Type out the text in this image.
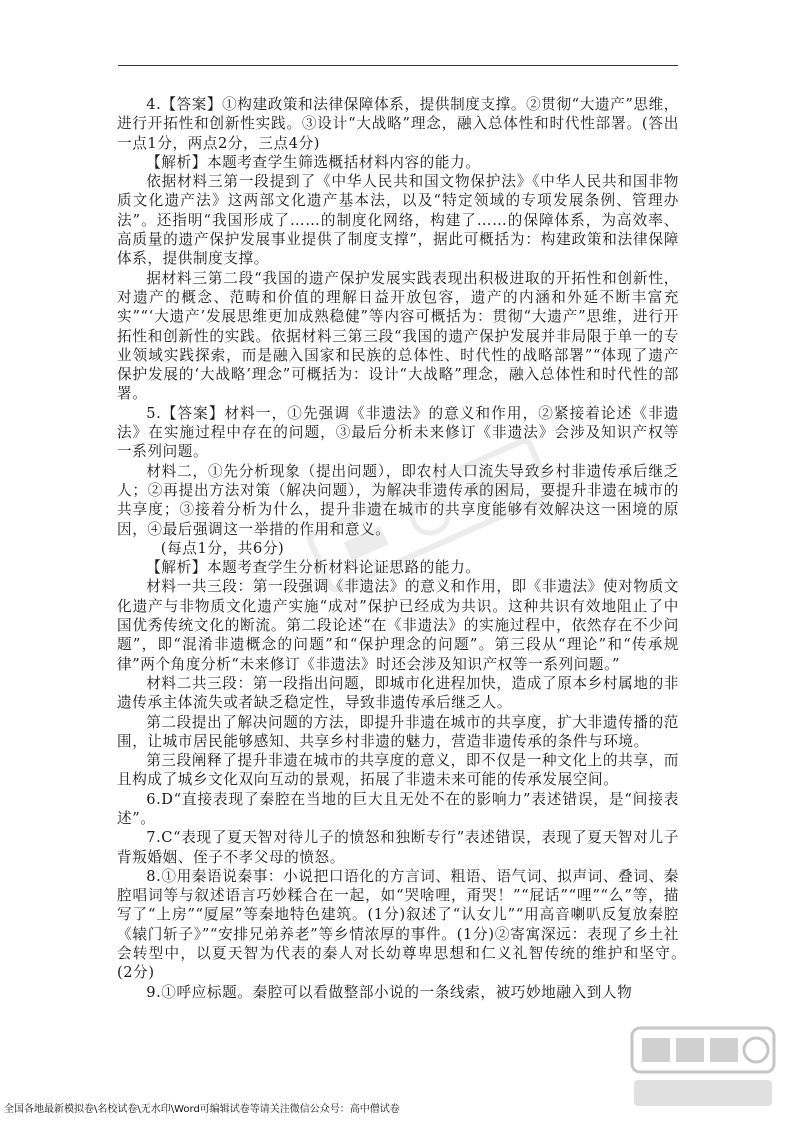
4.【答案】①构建政策和法律保障体系，提供制度支撑。②贯彻“大遗产”思维，进行开拓性和创新性实践。③设计“大战略”理念，融入总体性和时代性部署。(答出一点1分，两点2分，三点4分)

【解析】本题考查学生筛选概括材料内容的能力。

依据材料三第一段提到了《中华人民共和国文物保护法》《中华人民共和国非物质文化遗产法》这两部文化遗产基本法，以及“特定领域的专项发展条例、管理办法”。还指明“我国形成了……的制度化网络，构建了……的保障体系，为高效率、高质量的遗产保护发展事业提供了制度支撑”，据此可概括为：构建政策和法律保障体系，提供制度支撑。

据材料三第二段“我国的遗产保护发展实践表现出积极进取的开拓性和创新性，对遗产的概念、范畴和价值的理解日益开放包容，遗产的内涵和外延不断丰富充实”“‘大遗产’发展思维更加成熟稳健”等内容可概括为：贯彻“大遗产”思维，进行开拓性和创新性的实践。依据材料三第三段“我国的遗产保护发展并非局限于单一的专业领域实践探索，而是融入国家和民族的总体性、时代性的战略部署”“体现了遗产保护发展的‘大战略’理念”可概括为：设计“大战略”理念，融入总体性和时代性的部署。

5.【答案】材料一，①先强调《非遗法》的意义和作用，②紧接着论述《非遗法》在实施过程中存在的问题，③最后分析未来修订《非遗法》会涉及知识产权等一系列问题。

材料二，①先分析现象（提出问题），即农村人口流失导致乡村非遗传承后继乏人；②再提出方法对策（解决问题），为解决非遗传承的困局，要提升非遗在城市的共享度；③接着分析为什么，提升非遗在城市的共享度能够有效解决这一困境的原因，④最后强调这一举措的作用和意义。

(每点1分，共6分)

【解析】本题考查学生分析材料论证思路的能力。

材料一共三段：第一段强调《非遗法》的意义和作用，即《非遗法》使对物质文化遗产与非物质文化遗产实施“成对”保护已经成为共识。这种共识有效地阻止了中国优秀传统文化的断流。第二段论述“在《非遗法》的实施过程中，依然存在不少问题”，即“混淆非遗概念的问题”和“保护理念的问题”。第三段从“理论”和“传承规律”两个角度分析“未来修订《非遗法》时还会涉及知识产权等一系列问题。”

材料二共三段：第一段指出问题，即城市化进程加快，造成了原本乡村属地的非遗传承主体流失或者缺乏稳定性，导致非遗传承后继乏人。

第二段提出了解决问题的方法，即提升非遗在城市的共享度，扩大非遗传播的范围，让城市居民能够感知、共享乡村非遗的魅力，营造非遗传承的条件与环境。

第三段阐释了提升非遗在城市的共享度的意义，即不仅是一种文化上的共享，而且构成了城乡文化双向互动的景观，拓展了非遗未来可能的传承发展空间。

6.D“直接表现了秦腔在当地的巨大且无处不在的影响力”表述错误，是“间接表述”。

7.C“表现了夏天智对待儿子的愤怒和独断专行”表述错误，表现了夏天智对儿子背叛婚姻、侄子不孝父母的愤怒。

8.①用秦语说秦事：小说把口语化的方言词、粗语、语气词、拟声词、叠词、秦腔唱词等与叙述语言巧妙糅合在一起，如“哭啥哩，甭哭！”“屁话”“哩”“么”等，描写了“上房”“厦屋”等秦地特色建筑。(1分)叙述了“认女儿”“用高音喇叭反复放秦腔《辕门斩子》”“安排兄弟养老”等乡情浓厚的事件。(1分)②寄寓深远：表现了乡土社会转型中，以夏天智为代表的秦人对长幼尊卑思想和仁义礼智传统的维护和坚守。　(2分)

9.①呼应标题。秦腔可以看做整部小说的一条线索，被巧妙地融入到人物

全国各地最新模拟卷\名校试卷\无水印\Word可编辑试卷等请关注微信公众号：高中僧试卷
